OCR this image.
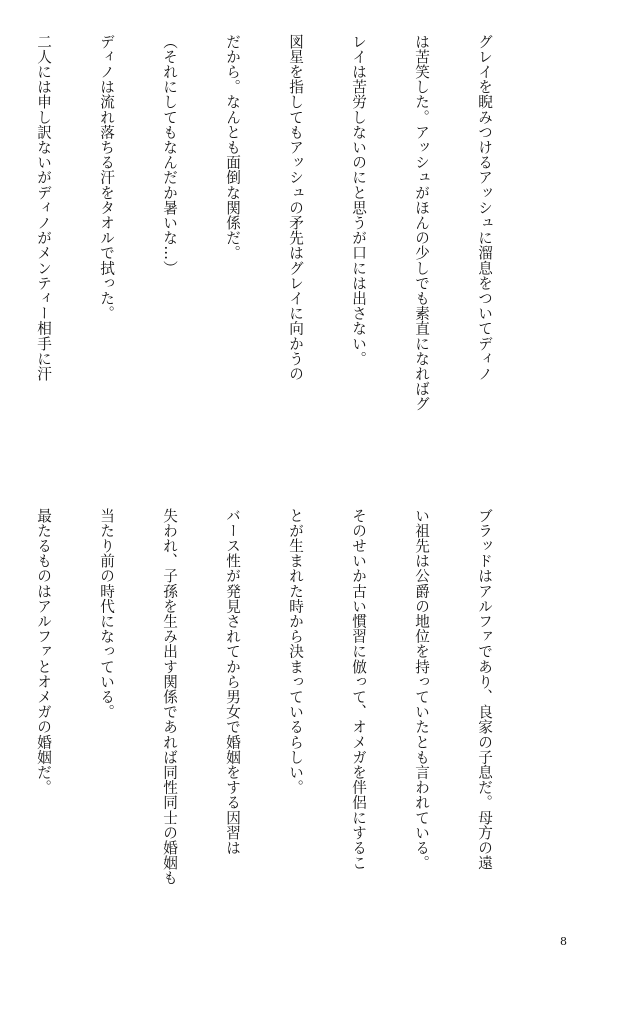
グレイを睨みつけるアッシュに溜息をついてディノ

は苦笑した。アッシュがほんの少しでも素直になればグ

レイは苦労しないのにと思うが口には出さない。

図星を指してもアッシュの矛先はグレイに向かうの

だから。なんとも面倒な関係だ。

（それにしてもなんだか暑いな…）

ディノは流れ落ちる汗をタオルで拭った。

二人には申し訳ないがディノがメンティー相手に汗

ブラッドはアルファであり、良家の子息だ。母方の遠

い祖先は公爵の地位を持っていたとも言われている。

そのせいか古い慣習に倣って、オメガを伴侶にするこ

とが生まれた時から決まっているらしい。

バース性が発見されてから男女で婚姻をする因習は

失われ、子孫を生み出す関係であれば同性同士の婚姻も

当たり前の時代になっている。

最たるものはアルファとオメガの婚姻だ。

8
